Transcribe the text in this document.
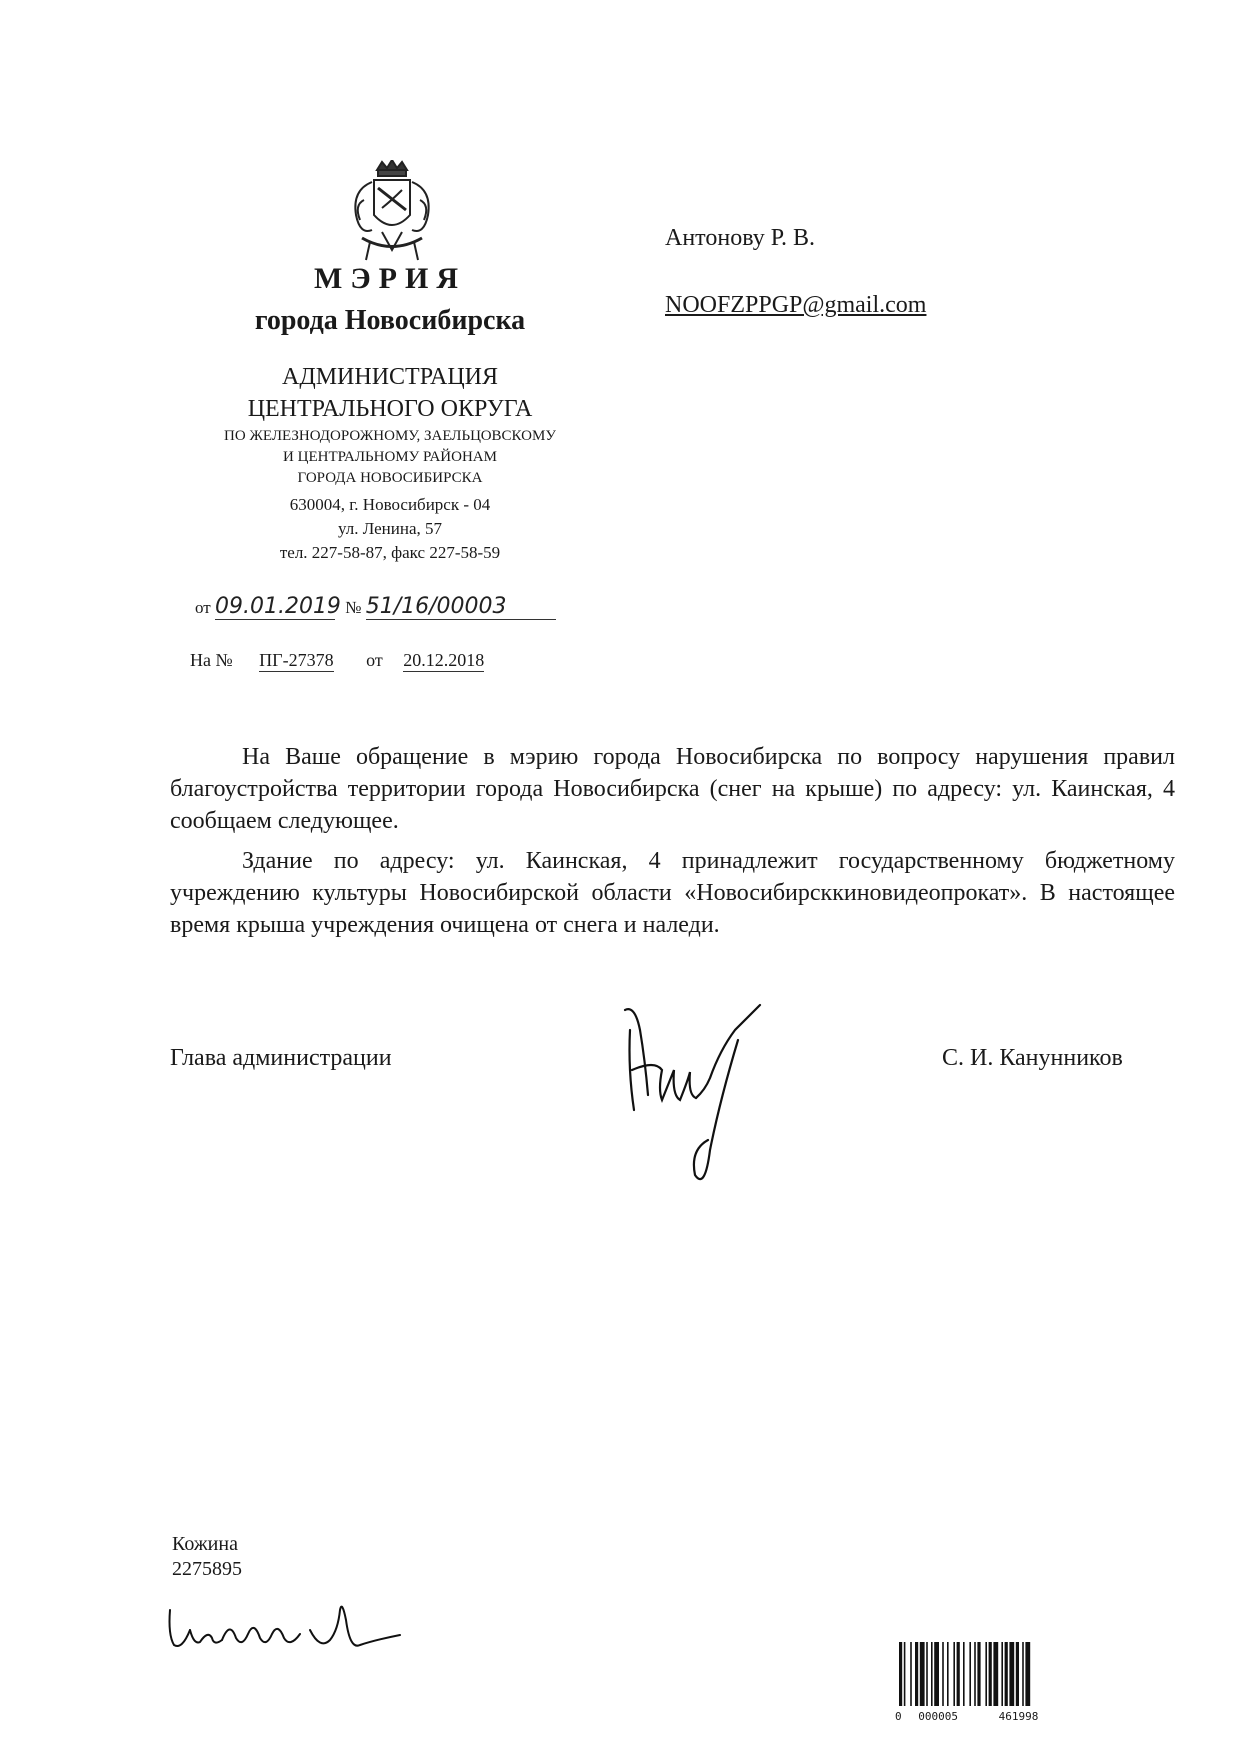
МЭРИЯ
города Новосибирска
АДМИНИСТРАЦИЯ
ЦЕНТРАЛЬНОГО ОКРУГА
ПО ЖЕЛЕЗНОДОРОЖНОМУ, ЗАЕЛЬЦОВСКОМУ
И ЦЕНТРАЛЬНОМУ РАЙОНАМ
ГОРОДА НОВОСИБИРСКА
630004, г. Новосибирск - 04
ул. Ленина, 57
тел. 227-58-87, факс 227-58-59
от 09.01.2019 № 51/16/00003
На № ПГ-27378 от 20.12.2018
Антонову Р. В.
NOOFZPPGP@gmail.com
На Ваше обращение в мэрию города Новосибирска по вопросу нарушения правил благоустройства территории города Новосибирска (снег на крыше) по адресу: ул. Каинская, 4 сообщаем следующее.
Здание по адресу: ул. Каинская, 4 принадлежит государственному бюджетному учреждению культуры Новосибирской области «Новосибирсккиновидеопрокат». В настоящее время крыша учреждения очищена от снега и наледи.
Глава администрации	С. И. Канунников
Кожина
2275895
0 000005	461998
